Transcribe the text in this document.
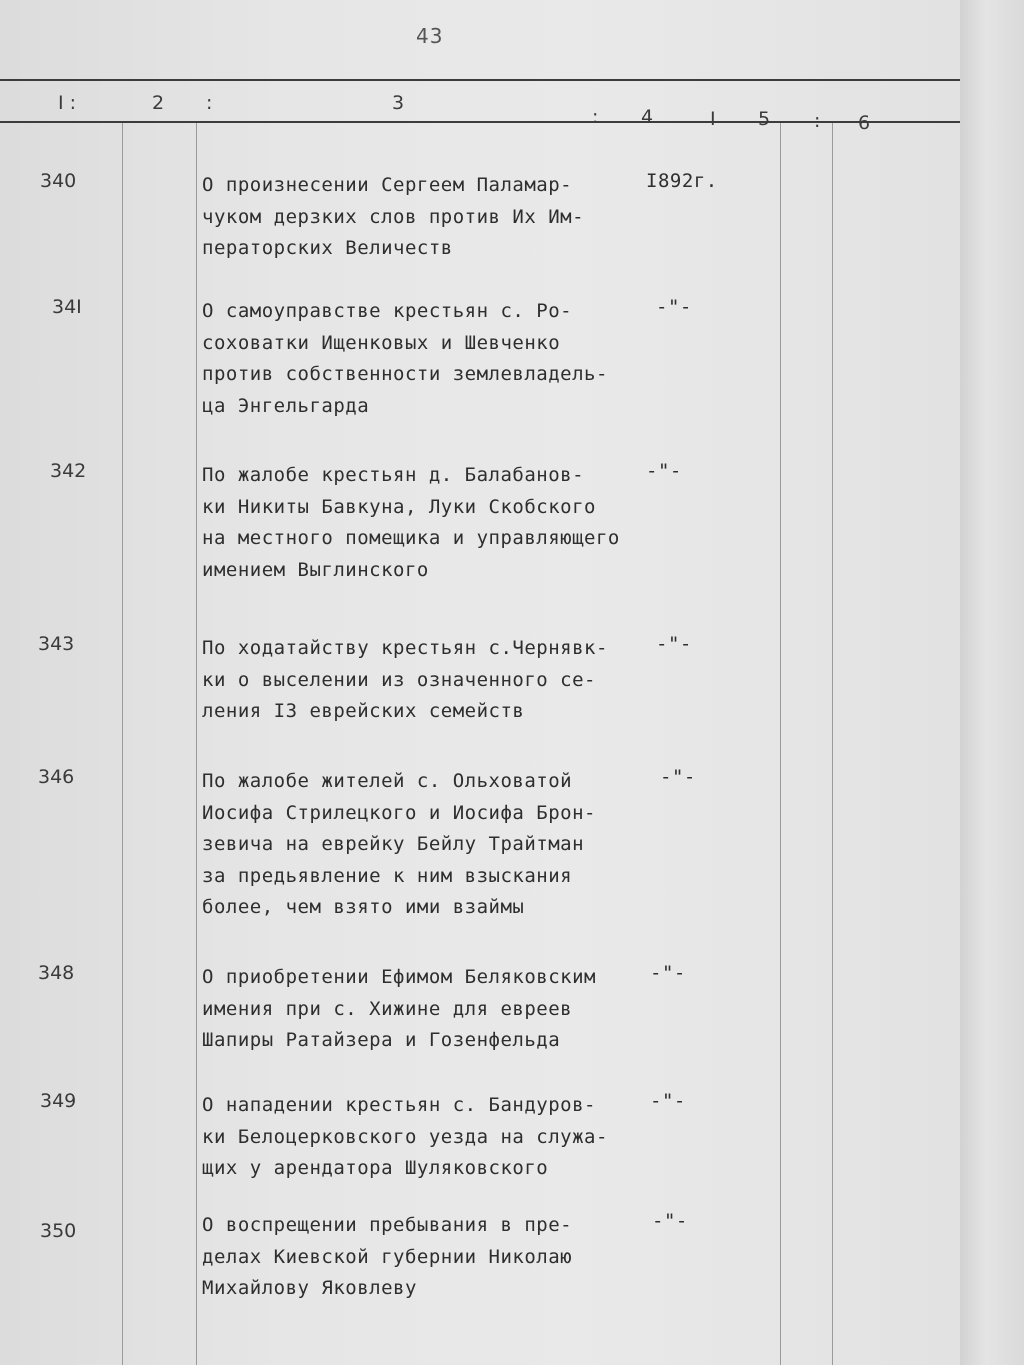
43
I :	2 :	3
: 4	I 5 : 6
340	О произнесении Сергеем Паламар-
чуком дерзких слов против Их Им-
ператорских Величеств
I892г.
34I	О самоуправстве крестьян с. Ро-
соховатки Ищенковых и Шевченко
против собственности землевладель-
ца Энгельгарда
-"-
342	По жалобе крестьян д. Балабанов-
ки Никиты Бавкуна, Луки Скобского
на местного помещика и управляющего
имением Выглинского
-"-
343	По ходатайству крестьян с.Чернявк-
ки о выселении из означенного се-
ления I3 еврейских семейств
-"-
346	По жалобе жителей с. Ольховатой
Иосифа Стрилецкого и Иосифа Брон-
зевича на еврейку Бейлу Трайтман
за предьявление к ним взыскания
более, чем взято ими взаймы
-"-
348	О приобретении Ефимом Беляковским
имения при с. Хижине для евреев
Шапиры Ратайзера и Гозенфельда
-"-
349	О нападении крестьян с. Бандуров-
ки Белоцерковского уезда на служа-
щих у арендатора Шуляковского
-"-
350	О воспрещении пребывания в пре-
делах Киевской губернии Николаю
Михайлову Яковлеву
-"-
